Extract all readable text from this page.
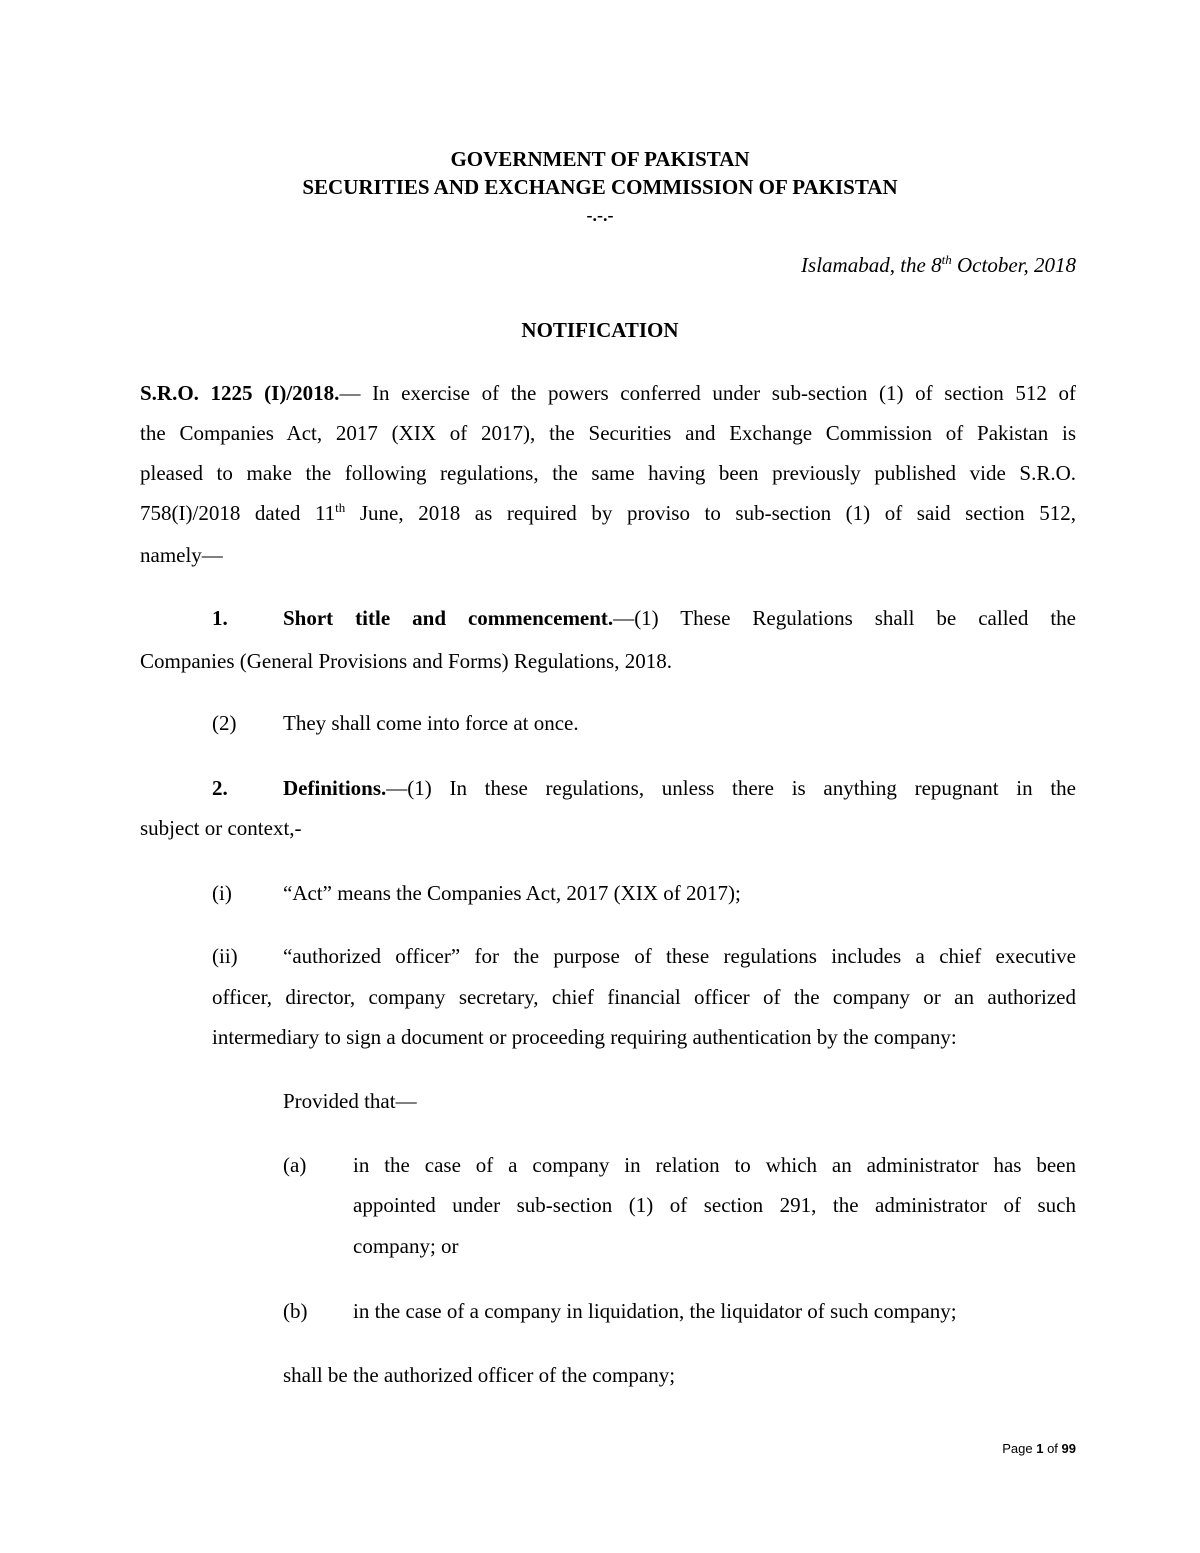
GOVERNMENT OF PAKISTAN
SECURITIES AND EXCHANGE COMMISSION OF PAKISTAN
-.-.-
Islamabad, the 8th October, 2018
NOTIFICATION
S.R.O. 1225 (I)/2018.— In exercise of the powers conferred under sub-section (1) of section 512 of
the Companies Act, 2017 (XIX of 2017), the Securities and Exchange Commission of Pakistan is
pleased to make the following regulations, the same having been previously published vide S.R.O.
758(I)/2018 dated 11th June, 2018 as required by proviso to sub-section (1) of said section 512,
namely—
1.	Short title and commencement.—(1) These Regulations shall be called the
Companies (General Provisions and Forms) Regulations, 2018.
(2) They shall come into force at once.
2.	Definitions.—(1) In these regulations, unless there is anything repugnant in the
subject or context,-
(i) “Act” means the Companies Act, 2017 (XIX of 2017);
(ii) “authorized officer” for the purpose of these regulations includes a chief executive
officer, director, company secretary, chief financial officer of the company or an authorized
intermediary to sign a document or proceeding requiring authentication by the company:
Provided that—
(a) in the case of a company in relation to which an administrator has been
appointed under sub-section (1) of section 291, the administrator of such
company; or
(b) in the case of a company in liquidation, the liquidator of such company;
shall be the authorized officer of the company;
Page 1 of 99
